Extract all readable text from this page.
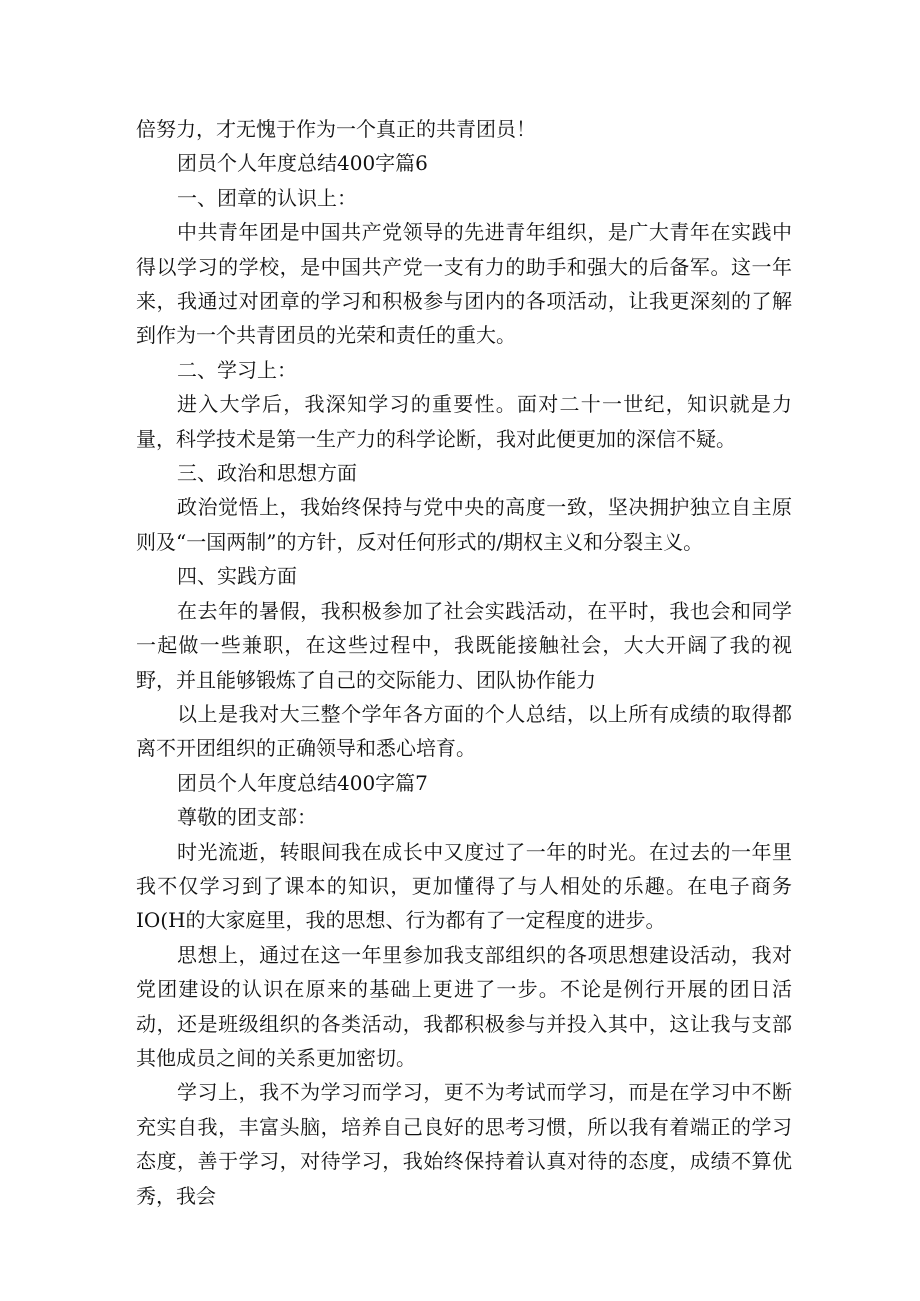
倍努力，才无愧于作为一个真正的共青团员！

团员个人年度总结400字篇6

一、团章的认识上：

中共青年团是中国共产党领导的先进青年组织，是广大青年在实践中得以学习的学校，是中国共产党一支有力的助手和强大的后备军。这一年来，我通过对团章的学习和积极参与团内的各项活动，让我更深刻的了解到作为一个共青团员的光荣和责任的重大。

二、学习上：

进入大学后，我深知学习的重要性。面对二十一世纪，知识就是力量，科学技术是第一生产力的科学论断，我对此便更加的深信不疑。

三、政治和思想方面

政治觉悟上，我始终保持与党中央的高度一致，坚决拥护独立自主原则及“一国两制”的方针，反对任何形式的/期权主义和分裂主义。

四、实践方面

在去年的暑假，我积极参加了社会实践活动，在平时，我也会和同学一起做一些兼职，在这些过程中，我既能接触社会，大大开阔了我的视野，并且能够锻炼了自己的交际能力、团队协作能力

以上是我对大三整个学年各方面的个人总结，以上所有成绩的取得都离不开团组织的正确领导和悉心培育。

团员个人年度总结400字篇7

尊敬的团支部：

时光流逝，转眼间我在成长中又度过了一年的时光。在过去的一年里我不仅学习到了课本的知识，更加懂得了与人相处的乐趣。在电子商务IO(H的大家庭里，我的思想、行为都有了一定程度的进步。

思想上，通过在这一年里参加我支部组织的各项思想建设活动，我对党团建设的认识在原来的基础上更进了一步。不论是例行开展的团日活动，还是班级组织的各类活动，我都积极参与并投入其中，这让我与支部其他成员之间的关系更加密切。

学习上，我不为学习而学习，更不为考试而学习，而是在学习中不断充实自我，丰富头脑，培养自己良好的思考习惯，所以我有着端正的学习态度，善于学习，对待学习，我始终保持着认真对待的态度，成绩不算优秀，我会
